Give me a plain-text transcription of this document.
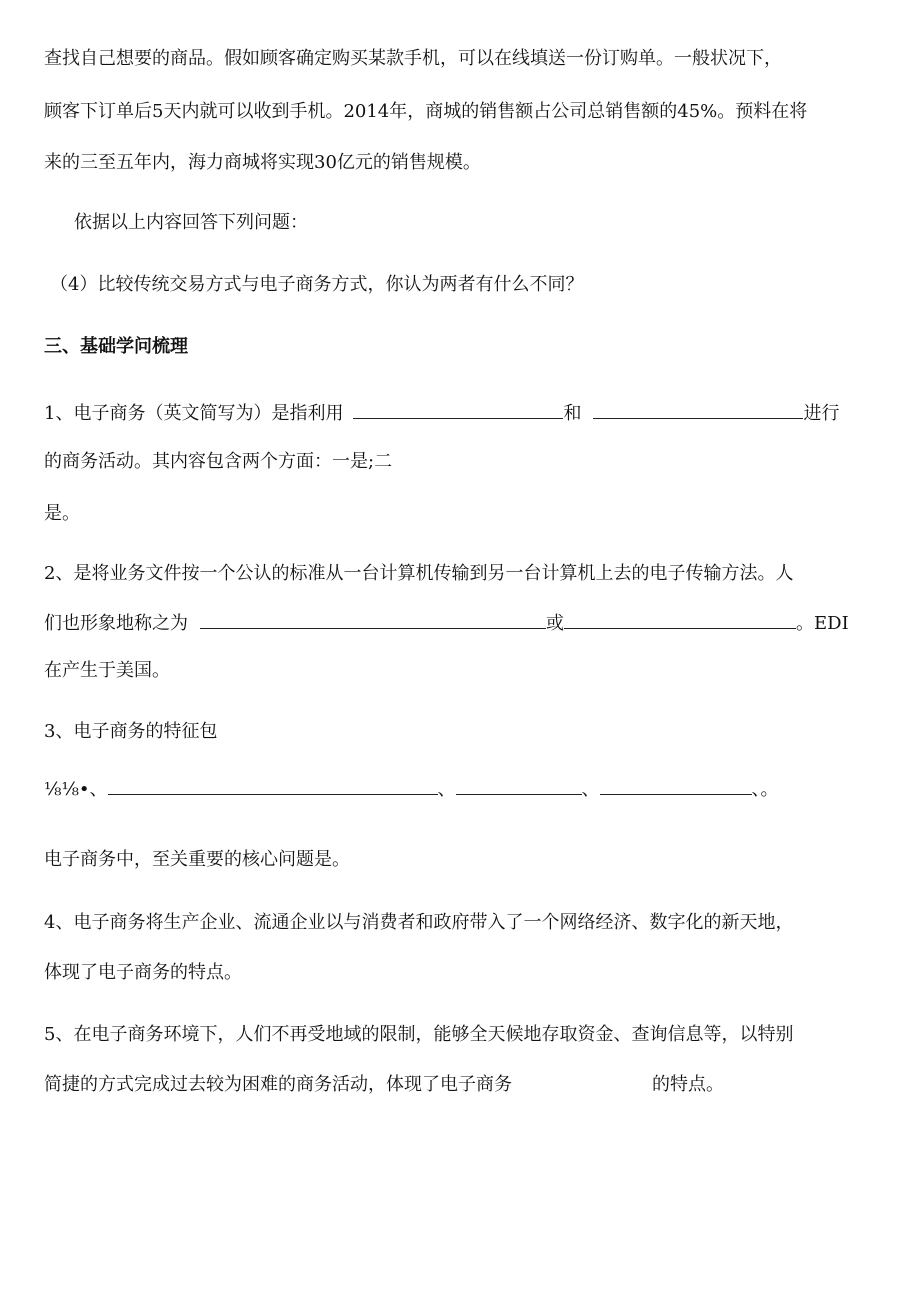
查找自己想要的商品。假如顾客确定购买某款手机，可以在线填送一份订购单。一般状况下，
顾客下订单后5天内就可以收到手机。2014年，商城的销售额占公司总销售额的45%。预料在将
来的三至五年内，海力商城将实现30亿元的销售规模。
依据以上内容回答下列问题：
（4）比较传统交易方式与电子商务方式，你认为两者有什么不同？
三、基础学问梳理
1、电子商务（英文简写为）是指利用	和	进行
的商务活动。其内容包含两个方面：一是;二
是。
2、是将业务文件按一个公认的标准从一台计算机传输到另一台计算机上去的电子传输方法。人
们也形象地称之为	或	。EDI
在产生于美国。
3、电子商务的特征包
⅛⅛•、	、	、	、。
电子商务中，至关重要的核心问题是。
4、电子商务将生产企业、流通企业以与消费者和政府带入了一个网络经济、数字化的新天地，
体现了电子商务的特点。
5、在电子商务环境下，人们不再受地域的限制，能够全天候地存取资金、查询信息等，以特别
简捷的方式完成过去较为困难的商务活动，体现了电子商务	的特点。
